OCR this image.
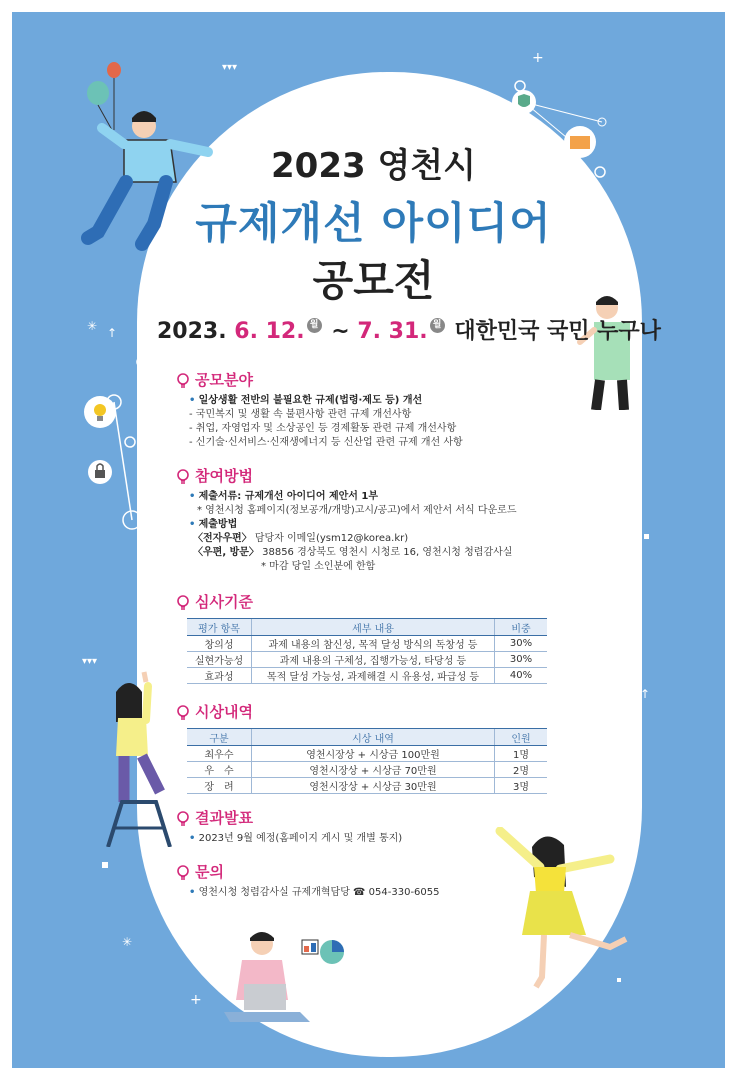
▾▾▾
▾▾▾
▾▾▾
+
+
+
+
↑
↑
↑
✳
✳
✳
2023 영천시
규제개선 아이디어
공모전
2023. 6. 12. 월 ~ 7. 31. 월 대한민국 국민 누구나
공모분야
• 일상생활 전반의 불필요한 규제(법령·제도 등) 개선
- 국민복지 및 생활 속 불편사항 관련 규제 개선사항
- 취업, 자영업자 및 소상공인 등 경제활동 관련 규제 개선사항
- 신기술·신서비스·신재생에너지 등 신산업 관련 규제 개선 사항
참여방법
• 제출서류: 규제개선 아이디어 제안서 1부
* 영천시청 홈페이지(정보공개/개방)고시/공고)에서 제안서 서식 다운로드
• 제출방법
〈전자우편〉 담당자 이메일(ysm12@korea.kr)
〈우편, 방문〉 38856 경상북도 영천시 시청로 16, 영천시청 청렴감사실
* 마감 당일 소인분에 한함
심사기준
평가 항목	세부 내용	비중
창의성	과제 내용의 참신성, 목적 달성 방식의 독창성 등	30%
실현가능성	과제 내용의 구체성, 집행가능성, 타당성 등	30%
효과성	목적 달성 가능성, 과제해결 시 유용성, 파급성 등	40%
시상내역
구분	시상 내역	인원
최우수	영천시장상 + 시상금 100만원	1명
우　수	영천시장상 + 시상금 70만원	2명
장　려	영천시장상 + 시상금 30만원	3명
결과발표
• 2023년 9월 예정(홈페이지 게시 및 개별 통지)
문의
• 영천시청 청렴감사실 규제개혁담당 ☎ 054-330-6055
